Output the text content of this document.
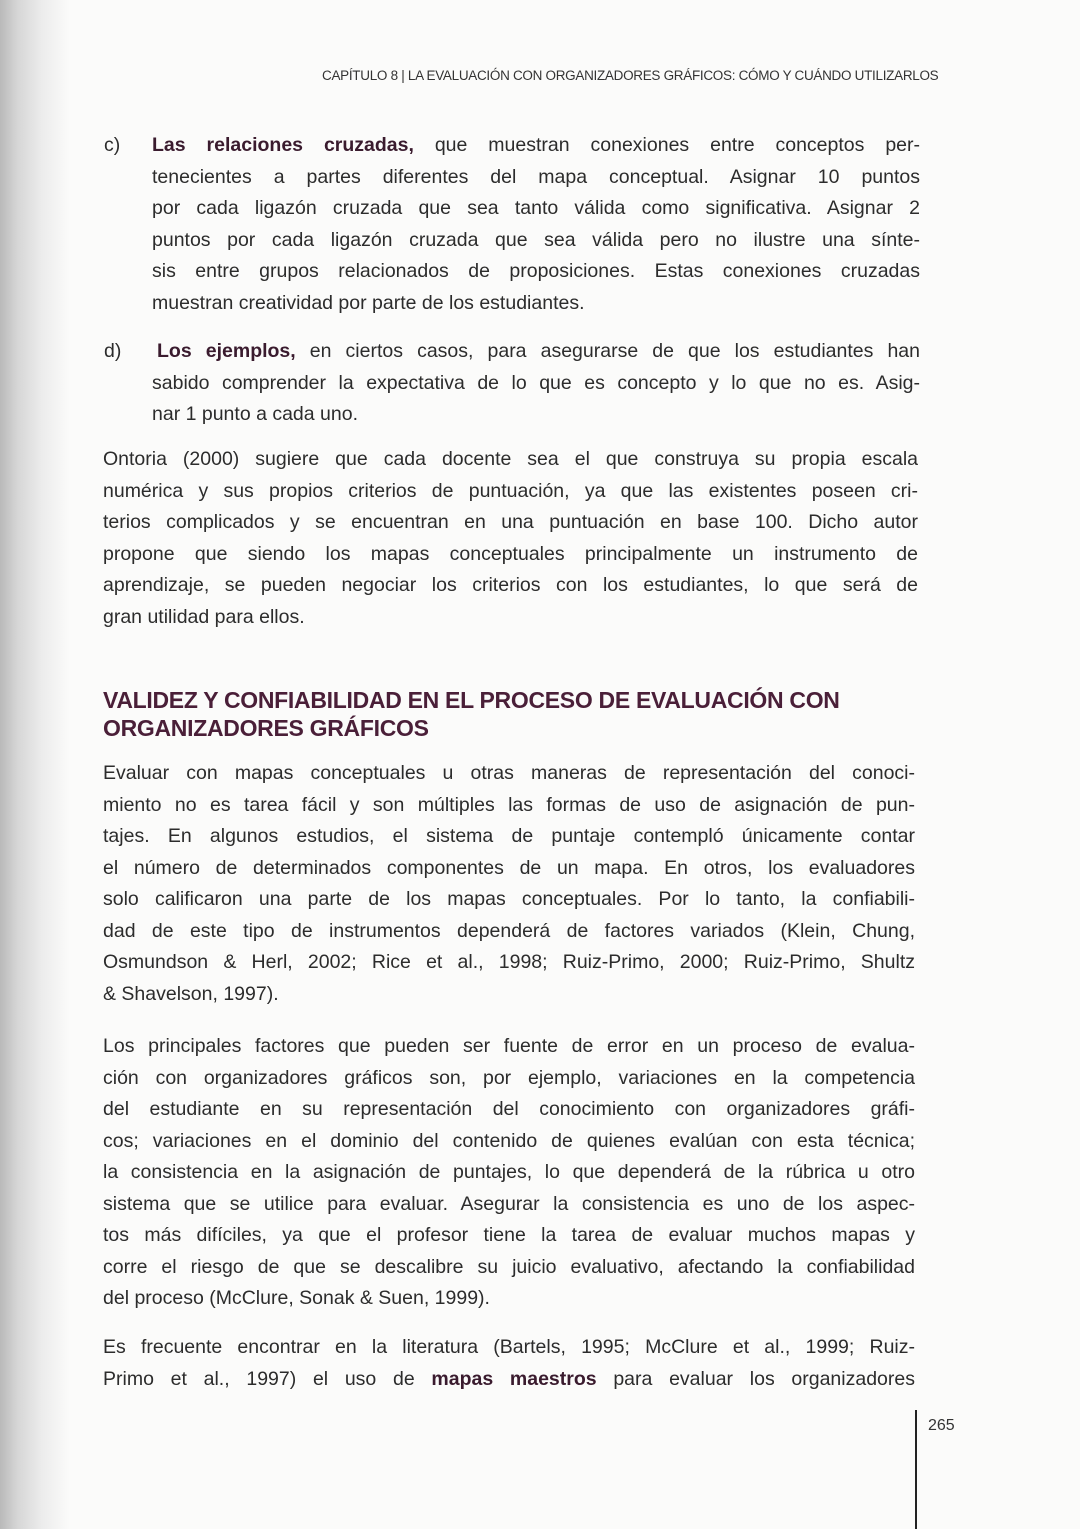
CAPÍTULO 8 | LA EVALUACIÓN CON ORGANIZADORES GRÁFICOS: CÓMO Y CUÁNDO UTILIZARLOS
c) Las relaciones cruzadas, que muestran conexiones entre conceptos per-
tenecientes a partes diferentes del mapa conceptual. Asignar 10 puntos
por cada ligazón cruzada que sea tanto válida como significativa. Asignar 2
puntos por cada ligazón cruzada que sea válida pero no ilustre una sínte-
sis entre grupos relacionados de proposiciones. Estas conexiones cruzadas
muestran creatividad por parte de los estudiantes.
d) Los ejemplos, en ciertos casos, para asegurarse de que los estudiantes han
sabido comprender la expectativa de lo que es concepto y lo que no es. Asig-
nar 1 punto a cada uno.
Ontoria (2000) sugiere que cada docente sea el que construya su propia escala
numérica y sus propios criterios de puntuación, ya que las existentes poseen cri-
terios complicados y se encuentran en una puntuación en base 100. Dicho autor
propone que siendo los mapas conceptuales principalmente un instrumento de
aprendizaje, se pueden negociar los criterios con los estudiantes, lo que será de
gran utilidad para ellos.
VALIDEZ Y CONFIABILIDAD EN EL PROCESO DE EVALUACIÓN CON ORGANIZADORES GRÁFICOS
Evaluar con mapas conceptuales u otras maneras de representación del conoci-
miento no es tarea fácil y son múltiples las formas de uso de asignación de pun-
tajes. En algunos estudios, el sistema de puntaje contempló únicamente contar
el número de determinados componentes de un mapa. En otros, los evaluadores
solo calificaron una parte de los mapas conceptuales. Por lo tanto, la confiabili-
dad de este tipo de instrumentos dependerá de factores variados (Klein, Chung,
Osmundson & Herl, 2002; Rice et al., 1998; Ruiz-Primo, 2000; Ruiz-Primo, Shultz
& Shavelson, 1997).
Los principales factores que pueden ser fuente de error en un proceso de evalua-
ción con organizadores gráficos son, por ejemplo, variaciones en la competencia
del estudiante en su representación del conocimiento con organizadores gráfi-
cos; variaciones en el dominio del contenido de quienes evalúan con esta técnica;
la consistencia en la asignación de puntajes, lo que dependerá de la rúbrica u otro
sistema que se utilice para evaluar. Asegurar la consistencia es uno de los aspec-
tos más difíciles, ya que el profesor tiene la tarea de evaluar muchos mapas y
corre el riesgo de que se descalibre su juicio evaluativo, afectando la confiabilidad
del proceso (McClure, Sonak & Suen, 1999).
Es frecuente encontrar en la literatura (Bartels, 1995; McClure et al., 1999; Ruiz-
Primo et al., 1997) el uso de mapas maestros para evaluar los organizadores
265
